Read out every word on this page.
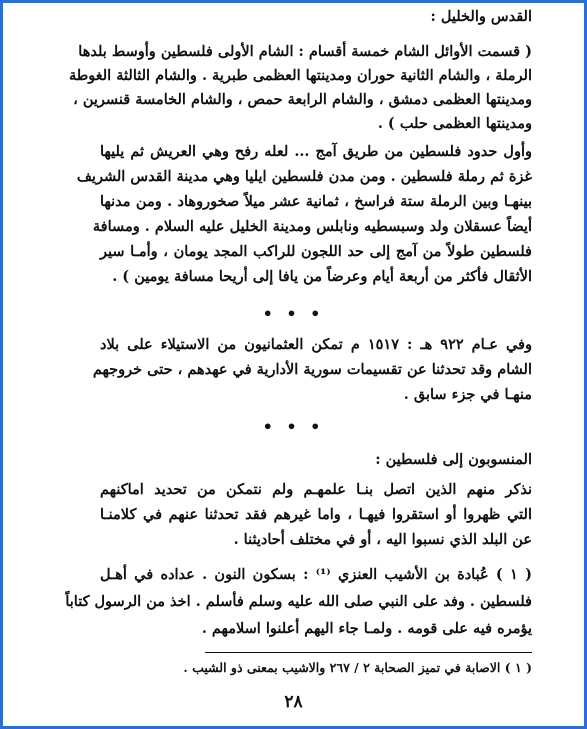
القدس والخليل :
( قسمت الأوائل الشام خمسة أقسام : الشام الأولى فلسطين وأوسط بلدها
الرملة ، والشام الثانية حوران ومدينتها العظمى طبرية . والشام الثالثة الغوطة
ومدينتها العظمى دمشق ، والشام الرابعة حمص ، والشام الخامسة قنسرين ،
ومدينتها العظمى حلب ) .
وأول حدود فلسطين من طريق آمج ... لعله رفح وهي العريش ثم يليها
غزة ثم رملة فلسطين . ومن مدن فلسطين ايليا وهي مدينة القدس الشريف
بينهـا وبين الرملة ستة فراسخ ، ثمانية عشر ميلاً صخوروهاد . ومن مدنها
أيضاً عسقلان ولد وسبسطيه ونابلس ومدينة الخليل عليه السلام . ومسافة
فلسطين طولاً من آمج إلى حد اللجون للراكب المجد يومان ، وأمـا سير
الأثقال فأكثر من أربعة أيام وعرضاً من يافا إلى أريحا مسافة يومين ) .
• • •
وفي عـام ٩٢٢ هـ : ١٥١٧ م تمكن العثمانيون من الاستيلاء على بلاد
الشام وقد تحدثنا عن تقسيمات سورية الأدارية في عهدهم ، حتى خروجهم
منهـا في جزء سابق .
• • •
المنسوبون إلى فلسطين :
نذكر منهم الذين اتصل بنـا علمهـم ولم نتمكن من تحديد اماكنهم
التي ظهروا أو استقروا فيهـا ، واما غيرهم فقد تحدثنا عنهم في كلامنـا
عن البلد الذي نسبوا اليه ، أو في مختلف أحاديثنا .
( ١ ) عُبادة بن الأشيب العنزي ⁽¹⁾ : بسكون النون . عداده في أهـل
فلسطين . وفد على النبي صلى الله عليه وسلم فأسلم . اخذ من الرسول كتاباً
يؤمره فيه على قومه . ولمـا جاء اليهم أعلنوا اسلامهم .
( ١ ) الاصابة في تميز الصحابة ٢ / ٢٦٧ والاشيب بمعنى ذو الشيب .
٢٨
